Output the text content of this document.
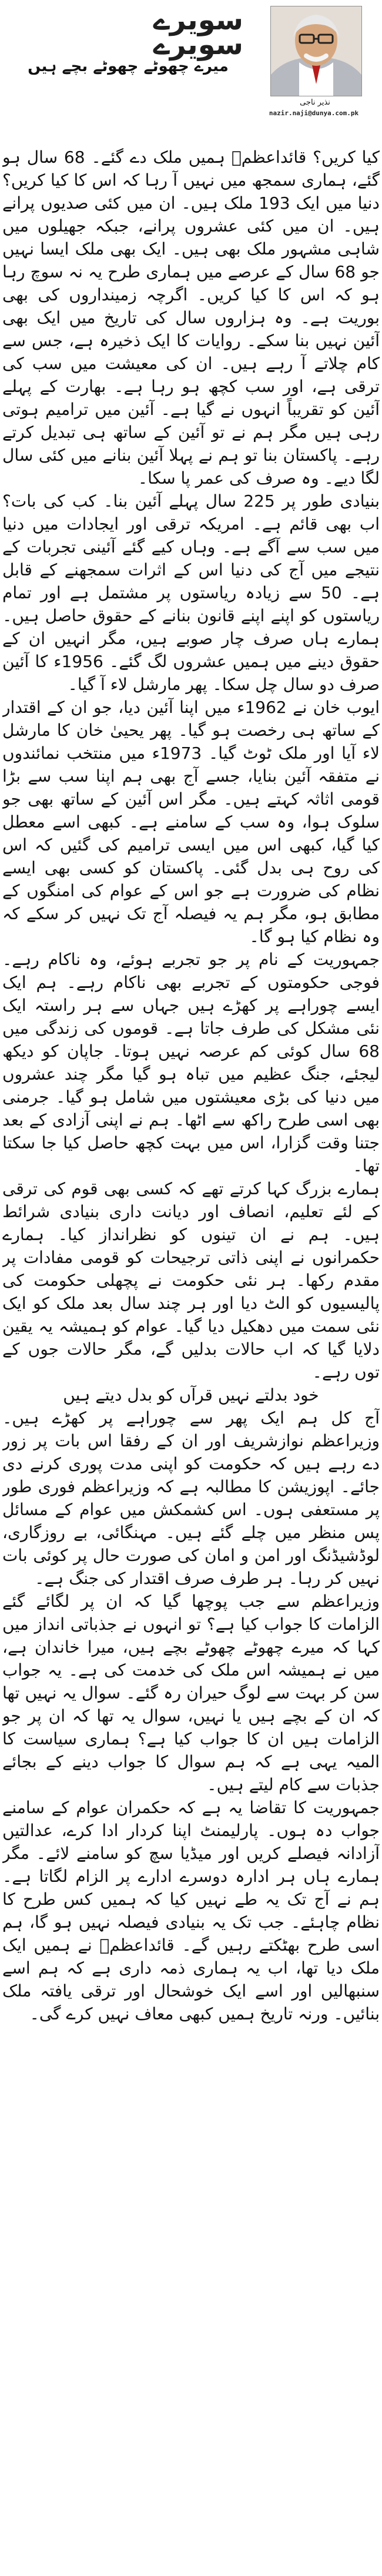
سویرے
سویرے
میرے چھوٹے چھوٹے بچے ہیں
نذیر ناجی
nazir.naji@dunya.com.pk

کیا کریں؟ قائداعظمؒ ہمیں ملک دے گئے۔ 68 سال ہو گئے، ہماری سمجھ میں نہیں آ رہا کہ اس کا کیا کریں؟ دنیا میں ایک 193 ملک ہیں۔ ان میں کئی صدیوں پرانے ہیں۔ ان میں کئی عشروں پرانے، جبکہ جھیلوں میں شاہی مشہور ملک بھی ہیں۔ ایک بھی ملک ایسا نہیں جو 68 سال کے عرصے میں ہماری طرح یہ نہ سوچ رہا ہو کہ اس کا کیا کریں۔ اگرچہ زمینداروں کی بھی بوریت ہے۔ وہ ہزاروں سال کی تاریخ میں ایک بھی آئین نہیں بنا سکے۔ روایات کا ایک ذخیرہ ہے، جس سے کام چلاتے آ رہے ہیں۔ ان کی معیشت میں سب کی ترقی ہے، اور سب کچھ ہو رہا ہے۔ بھارت کے پہلے آئین کو تقریباً انہوں نے گیا ہے۔ آئین میں ترامیم ہوتی رہی ہیں مگر ہم نے تو آئین کے ساتھ ہی تبدیل کرتے رہے۔ پاکستان بنا تو ہم نے پہلا آئین بنانے میں کئی سال لگا دیے۔ وہ صرف کی عمر پا سکا۔

بنیادی طور پر 225 سال پہلے آئین بنا۔ کب کی بات؟ اب بھی قائم ہے۔ امریکہ ترقی اور ایجادات میں دنیا میں سب سے آگے ہے۔ وہاں کیے گئے آئینی تجربات کے نتیجے میں آج کی دنیا اس کے اثرات سمجھنے کے قابل ہے۔ 50 سے زیادہ ریاستوں پر مشتمل ہے اور تمام ریاستوں کو اپنے اپنے قانون بنانے کے حقوق حاصل ہیں۔ ہمارے ہاں صرف چار صوبے ہیں، مگر انہیں ان کے حقوق دینے میں ہمیں عشروں لگ گئے۔ 1956ء کا آئین صرف دو سال چل سکا۔ پھر مارشل لاء آ گیا۔

ایوب خان نے 1962ء میں اپنا آئین دیا، جو ان کے اقتدار کے ساتھ ہی رخصت ہو گیا۔ پھر یحییٰ خان کا مارشل لاء آیا اور ملک ٹوٹ گیا۔ 1973ء میں منتخب نمائندوں نے متفقہ آئین بنایا، جسے آج بھی ہم اپنا سب سے بڑا قومی اثاثہ کہتے ہیں۔ مگر اس آئین کے ساتھ بھی جو سلوک ہوا، وہ سب کے سامنے ہے۔ کبھی اسے معطل کیا گیا، کبھی اس میں ایسی ترامیم کی گئیں کہ اس کی روح ہی بدل گئی۔ پاکستان کو کسی بھی ایسے نظام کی ضرورت ہے جو اس کے عوام کی امنگوں کے مطابق ہو، مگر ہم یہ فیصلہ آج تک نہیں کر سکے کہ وہ نظام کیا ہو گا۔

جمہوریت کے نام پر جو تجربے ہوئے، وہ ناکام رہے۔ فوجی حکومتوں کے تجربے بھی ناکام رہے۔ ہم ایک ایسے چوراہے پر کھڑے ہیں جہاں سے ہر راستہ ایک نئی مشکل کی طرف جاتا ہے۔ قوموں کی زندگی میں 68 سال کوئی کم عرصہ نہیں ہوتا۔ جاپان کو دیکھ لیجئے، جنگ عظیم میں تباہ ہو گیا مگر چند عشروں میں دنیا کی بڑی معیشتوں میں شامل ہو گیا۔ جرمنی بھی اسی طرح راکھ سے اٹھا۔ ہم نے اپنی آزادی کے بعد جتنا وقت گزارا، اس میں بہت کچھ حاصل کیا جا سکتا تھا۔

ہمارے بزرگ کہا کرتے تھے کہ کسی بھی قوم کی ترقی کے لئے تعلیم، انصاف اور دیانت داری بنیادی شرائط ہیں۔ ہم نے ان تینوں کو نظرانداز کیا۔ ہمارے حکمرانوں نے اپنی ذاتی ترجیحات کو قومی مفادات پر مقدم رکھا۔ ہر نئی حکومت نے پچھلی حکومت کی پالیسیوں کو الٹ دیا اور ہر چند سال بعد ملک کو ایک نئی سمت میں دھکیل دیا گیا۔ عوام کو ہمیشہ یہ یقین دلایا گیا کہ اب حالات بدلیں گے، مگر حالات جوں کے توں رہے۔

خود بدلتے نہیں قرآں کو بدل دیتے ہیں

آج کل ہم ایک پھر سے چوراہے پر کھڑے ہیں۔ وزیراعظم نوازشریف اور ان کے رفقا اس بات پر زور دے رہے ہیں کہ حکومت کو اپنی مدت پوری کرنے دی جائے۔ اپوزیشن کا مطالبہ ہے کہ وزیراعظم فوری طور پر مستعفی ہوں۔ اس کشمکش میں عوام کے مسائل پس منظر میں چلے گئے ہیں۔ مہنگائی، بے روزگاری، لوڈشیڈنگ اور امن و امان کی صورت حال پر کوئی بات نہیں کر رہا۔ ہر طرف صرف اقتدار کی جنگ ہے۔

وزیراعظم سے جب پوچھا گیا کہ ان پر لگائے گئے الزامات کا جواب کیا ہے؟ تو انہوں نے جذباتی انداز میں کہا کہ میرے چھوٹے چھوٹے بچے ہیں، میرا خاندان ہے، میں نے ہمیشہ اس ملک کی خدمت کی ہے۔ یہ جواب سن کر بہت سے لوگ حیران رہ گئے۔ سوال یہ نہیں تھا کہ ان کے بچے ہیں یا نہیں، سوال یہ تھا کہ ان پر جو الزامات ہیں ان کا جواب کیا ہے؟ ہماری سیاست کا المیہ یہی ہے کہ ہم سوال کا جواب دینے کے بجائے جذبات سے کام لیتے ہیں۔

جمہوریت کا تقاضا یہ ہے کہ حکمران عوام کے سامنے جواب دہ ہوں۔ پارلیمنٹ اپنا کردار ادا کرے، عدالتیں آزادانہ فیصلے کریں اور میڈیا سچ کو سامنے لائے۔ مگر ہمارے ہاں ہر ادارہ دوسرے ادارے پر الزام لگاتا ہے۔ ہم نے آج تک یہ طے نہیں کیا کہ ہمیں کس طرح کا نظام چاہئے۔ جب تک یہ بنیادی فیصلہ نہیں ہو گا، ہم اسی طرح بھٹکتے رہیں گے۔ قائداعظمؒ نے ہمیں ایک ملک دیا تھا، اب یہ ہماری ذمہ داری ہے کہ ہم اسے سنبھالیں اور اسے ایک خوشحال اور ترقی یافتہ ملک بنائیں۔ ورنہ تاریخ ہمیں کبھی معاف نہیں کرے گی۔
